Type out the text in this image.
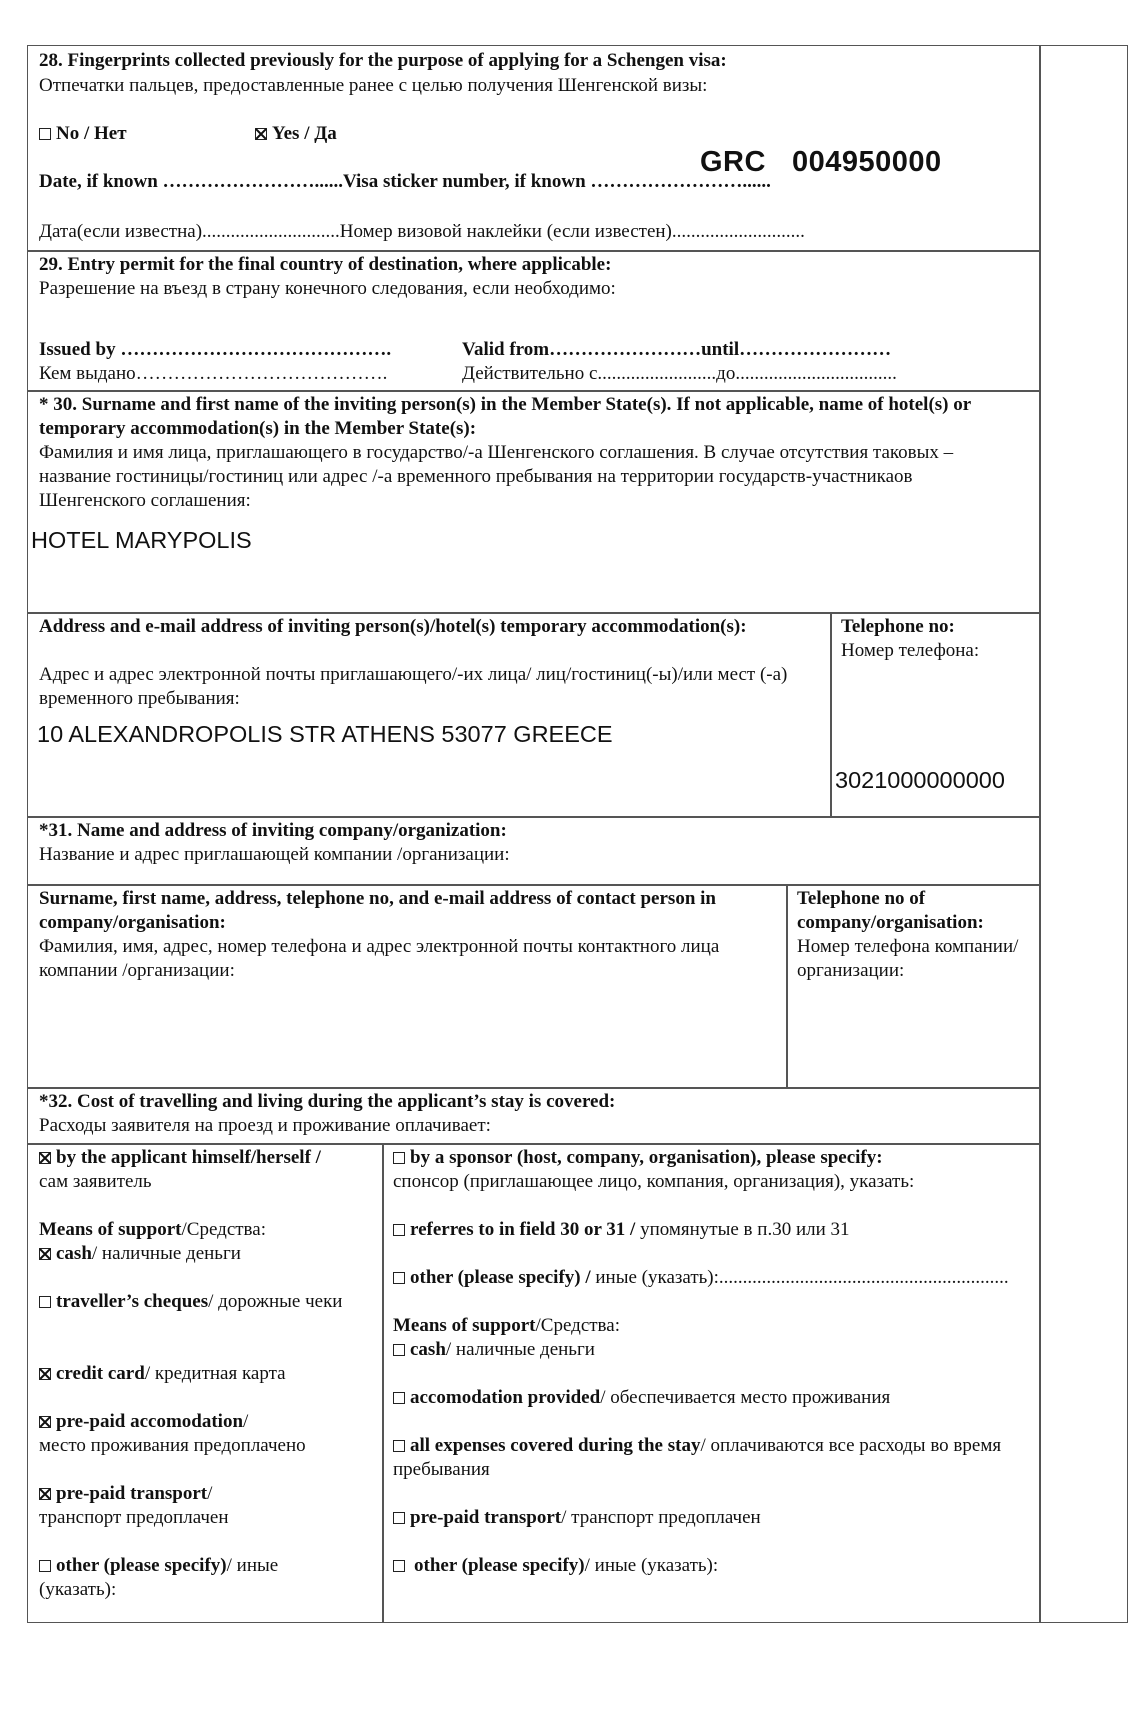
28. Fingerprints collected previously for the purpose of applying for a Schengen visa:
Отпечатки пальцев, предоставленные ранее с целью получения Шенгенской визы:
No / Нет	Yes / Да
Date, if known ……………………......Visa sticker number, if known ……………………......
GRC 004950000
Дата(если известна).............................Номер визовой наклейки (если известен)............................
29. Entry permit for the final country of destination, where applicable:
Разрешение на въезд в страну конечного следования, если необходимо:
Issued by …………………………………….	Valid from……………………until……………………
Кем выдано………………………………….	Действительно с.........................до..................................
* 30. Surname and first name of the inviting person(s) in the Member State(s). If not applicable, name of hotel(s) or temporary accommodation(s) in the Member State(s):
Фамилия и имя лица, приглашающего в государство/-а Шенгенского соглашения. В случае отсутствия таковых – название гостиницы/гостиниц или адрес /-а временного пребывания на территории государств-участникаов Шенгенского соглашения:
HOTEL MARYPOLIS
Address and e-mail address of inviting person(s)/hotel(s) temporary accommodation(s):
Адрес и адрес электронной почты приглашающего/-их лица/ лиц/гостиниц(-ы)/или мест (-а) временного пребывания:
10 ALEXANDROPOLIS STR ATHENS 53077 GREECE
Telephone no:
Номер телефона:
3021000000000
*31. Name and address of inviting company/organization:
Название и адрес приглашающей компании /организации:
Surname, first name, address, telephone no, and e-mail address of contact person in company/organisation:
Фамилия, имя, адрес, номер телефона и адрес электронной почты контактного лица компании /организации:
Telephone no of company/organisation:
Номер телефона компании/организации:
*32. Cost of travelling and living during the applicant’s stay is covered:
Расходы заявителя на проезд и проживание оплачивает:
by the applicant himself/herself /
сам заявитель
Means of support/Средства:
cash/ наличные деньги
traveller’s cheques/ дорожные чеки
credit card/ кредитная карта
pre-paid accomodation/
место проживания предоплачено
pre-paid transport/
транспорт предоплачен
other (please specify)/ иные (указать):
by a sponsor (host, company, organisation), please specify:
спонсор (приглашающее лицо, компания, организация), указать:
referres to in field 30 or 31 / упомянутые в п.30 или 31
other (please specify) / иные (указать):.............................................................
Means of support/Средства:
cash/ наличные деньги
accomodation provided/ обеспечивается место проживания
all expenses covered during the stay/ оплачиваются все расходы во время пребывания
pre-paid transport/ транспорт предоплачен
other (please specify)/ иные (указать):
